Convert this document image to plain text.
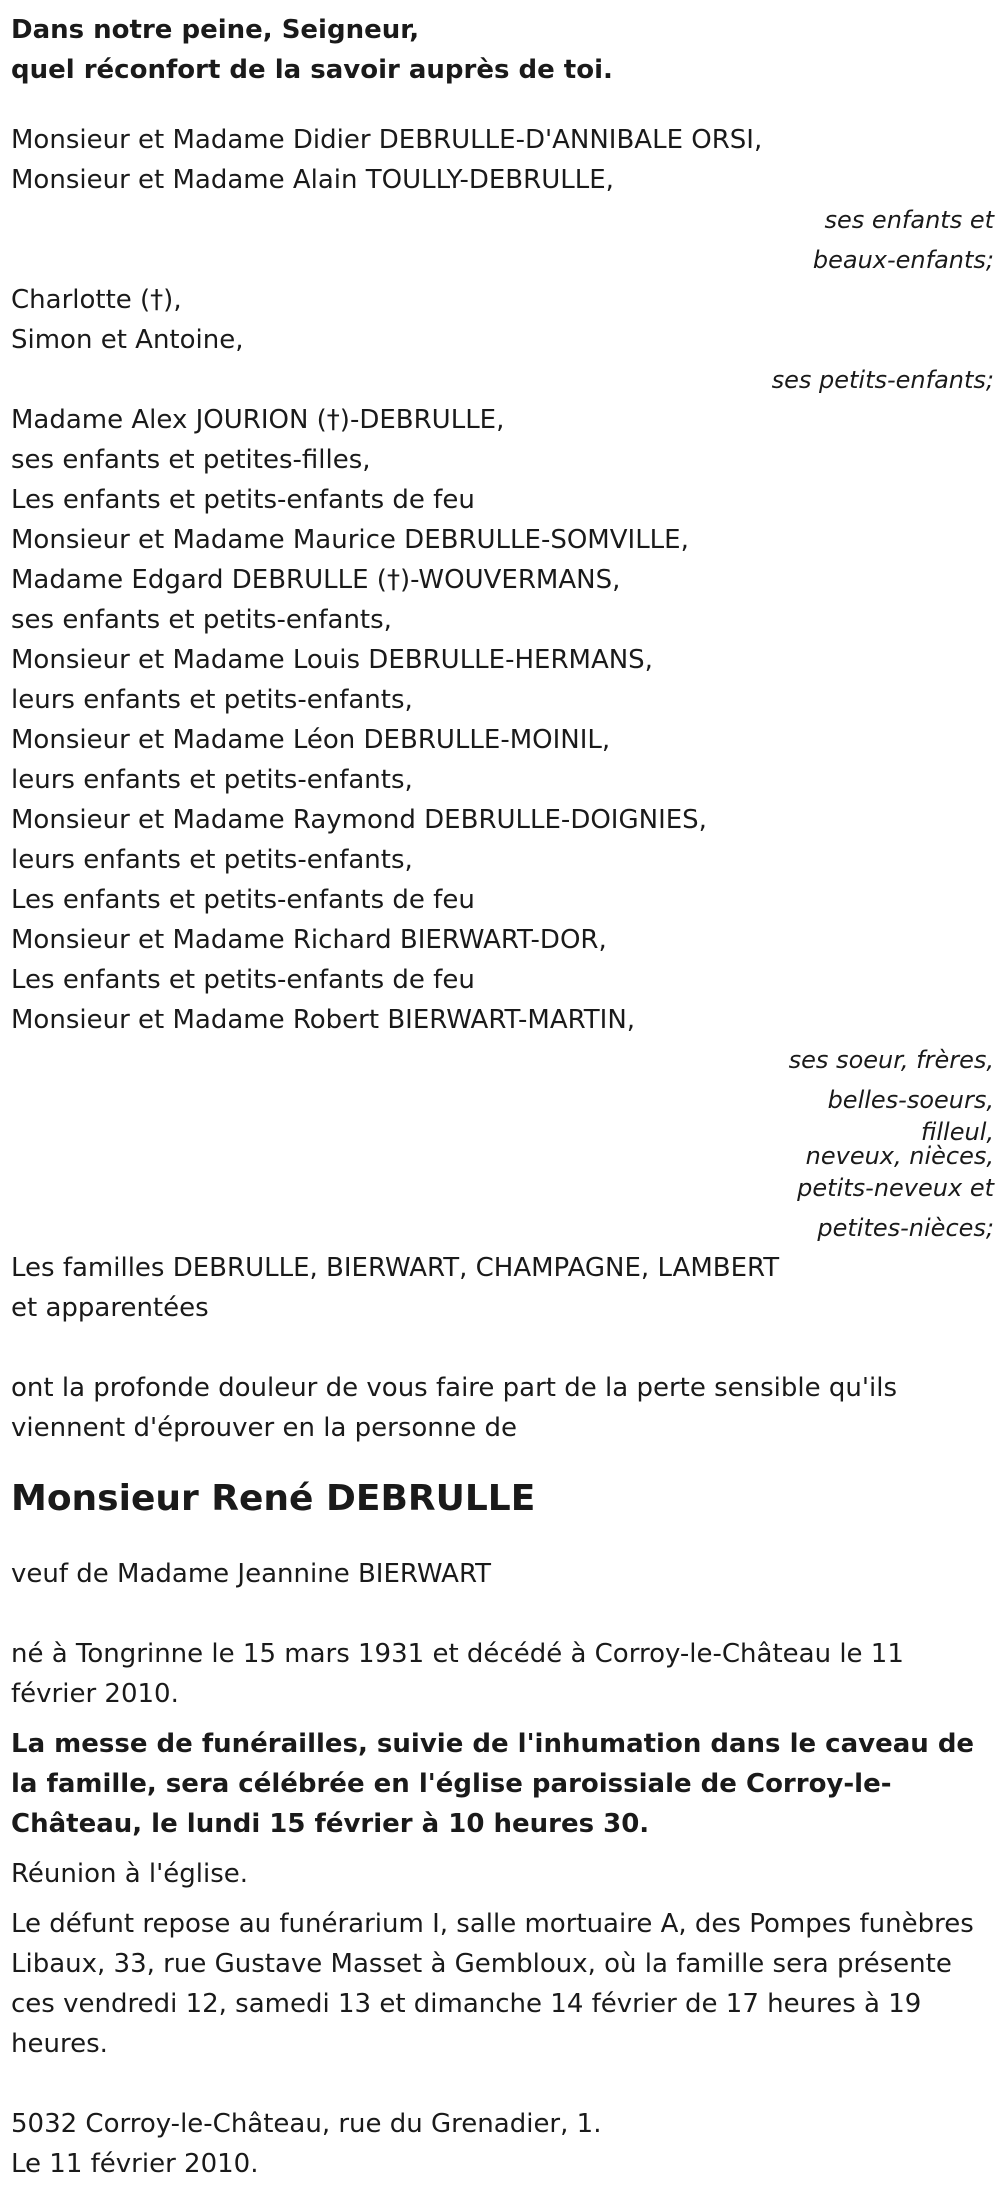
Dans notre peine, Seigneur,
quel réconfort de la savoir auprès de toi.
Monsieur et Madame Didier DEBRULLE-D'ANNIBALE ORSI,
Monsieur et Madame Alain TOULLY-DEBRULLE,
ses enfants et
beaux-enfants;
Charlotte (†),
Simon et Antoine,
ses petits-enfants;
Madame Alex JOURION (†)-DEBRULLE,
ses enfants et petites-filles,
Les enfants et petits-enfants de feu
Monsieur et Madame Maurice DEBRULLE-SOMVILLE,
Madame Edgard DEBRULLE (†)-WOUVERMANS,
ses enfants et petits-enfants,
Monsieur et Madame Louis DEBRULLE-HERMANS,
leurs enfants et petits-enfants,
Monsieur et Madame Léon DEBRULLE-MOINIL,
leurs enfants et petits-enfants,
Monsieur et Madame Raymond DEBRULLE-DOIGNIES,
leurs enfants et petits-enfants,
Les enfants et petits-enfants de feu
Monsieur et Madame Richard BIERWART-DOR,
Les enfants et petits-enfants de feu
Monsieur et Madame Robert BIERWART-MARTIN,
ses soeur, frères,
belles-soeurs,
filleul,
neveux, nièces,
petits-neveux et
petites-nièces;
Les familles DEBRULLE, BIERWART, CHAMPAGNE, LAMBERT
et apparentées
ont la profonde douleur de vous faire part de la perte sensible qu'ils viennent d'éprouver en la personne de
Monsieur René DEBRULLE
veuf de Madame Jeannine BIERWART
né à Tongrinne le 15 mars 1931 et décédé à Corroy-le-Château le 11 février 2010.
La messe de funérailles, suivie de l'inhumation dans le caveau de la famille, sera célébrée en l'église paroissiale de Corroy-le-Château, le lundi 15 février à 10 heures 30.
Réunion à l'église.
Le défunt repose au funérarium I, salle mortuaire A, des Pompes funèbres Libaux, 33, rue Gustave Masset à Gembloux, où la famille sera présente ces vendredi 12, samedi 13 et dimanche 14 février de 17 heures à 19 heures.
5032 Corroy-le-Château, rue du Grenadier, 1.
Le 11 février 2010.
